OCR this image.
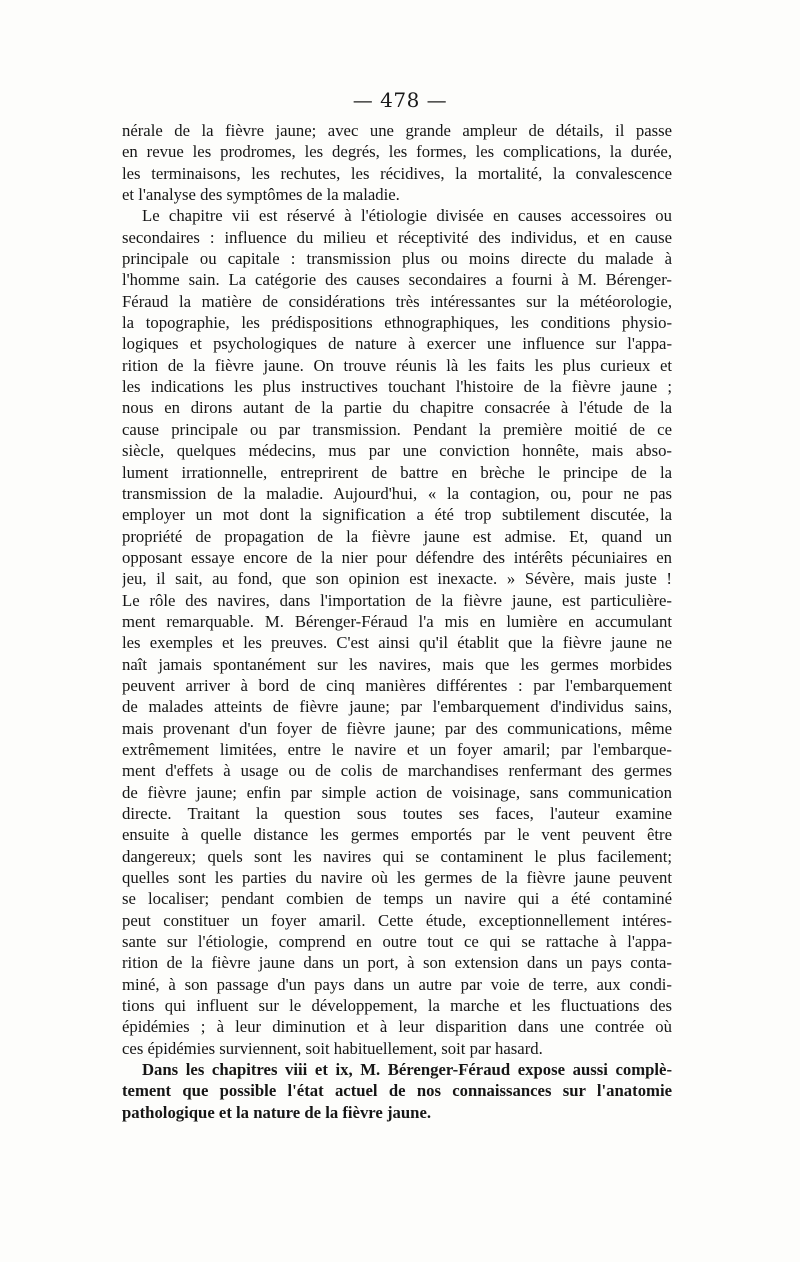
— 478 —

nérale de la fièvre jaune; avec une grande ampleur de détails, il passe
en revue les prodromes, les degrés, les formes, les complications, la durée,
les terminaisons, les rechutes, les récidives, la mortalité, la convalescence
et l'analyse des symptômes de la maladie.

Le chapitre vii est réservé à l'étiologie divisée en causes accessoires ou
secondaires : influence du milieu et réceptivité des individus, et en cause
principale ou capitale : transmission plus ou moins directe du malade à
l'homme sain. La catégorie des causes secondaires a fourni à M. Bérenger-
Féraud la matière de considérations très intéressantes sur la météorologie,
la topographie, les prédispositions ethnographiques, les conditions physio-
logiques et psychologiques de nature à exercer une influence sur l'appa-
rition de la fièvre jaune. On trouve réunis là les faits les plus curieux et
les indications les plus instructives touchant l'histoire de la fièvre jaune ;
nous en dirons autant de la partie du chapitre consacrée à l'étude de la
cause principale ou par transmission. Pendant la première moitié de ce
siècle, quelques médecins, mus par une conviction honnête, mais abso-
lument irrationnelle, entreprirent de battre en brèche le principe de la
transmission de la maladie. Aujourd'hui, « la contagion, ou, pour ne pas
employer un mot dont la signification a été trop subtilement discutée, la
propriété de propagation de la fièvre jaune est admise. Et, quand un
opposant essaye encore de la nier pour défendre des intérêts pécuniaires en
jeu, il sait, au fond, que son opinion est inexacte. » Sévère, mais juste !
Le rôle des navires, dans l'importation de la fièvre jaune, est particulière-
ment remarquable. M. Bérenger-Féraud l'a mis en lumière en accumulant
les exemples et les preuves. C'est ainsi qu'il établit que la fièvre jaune ne
naît jamais spontanément sur les navires, mais que les germes morbides
peuvent arriver à bord de cinq manières différentes : par l'embarquement
de malades atteints de fièvre jaune; par l'embarquement d'individus sains,
mais provenant d'un foyer de fièvre jaune; par des communications, même
extrêmement limitées, entre le navire et un foyer amaril; par l'embarque-
ment d'effets à usage ou de colis de marchandises renfermant des germes
de fièvre jaune; enfin par simple action de voisinage, sans communication
directe. Traitant la question sous toutes ses faces, l'auteur examine
ensuite à quelle distance les germes emportés par le vent peuvent être
dangereux; quels sont les navires qui se contaminent le plus facilement;
quelles sont les parties du navire où les germes de la fièvre jaune peuvent
se localiser; pendant combien de temps un navire qui a été contaminé
peut constituer un foyer amaril. Cette étude, exceptionnellement intéres-
sante sur l'étiologie, comprend en outre tout ce qui se rattache à l'appa-
rition de la fièvre jaune dans un port, à son extension dans un pays conta-
miné, à son passage d'un pays dans un autre par voie de terre, aux condi-
tions qui influent sur le développement, la marche et les fluctuations des
épidémies ; à leur diminution et à leur disparition dans une contrée où
ces épidémies surviennent, soit habituellement, soit par hasard.

Dans les chapitres viii et ix, M. Bérenger-Féraud expose aussi complè-
tement que possible l'état actuel de nos connaissances sur l'anatomie
pathologique et la nature de la fièvre jaune.
